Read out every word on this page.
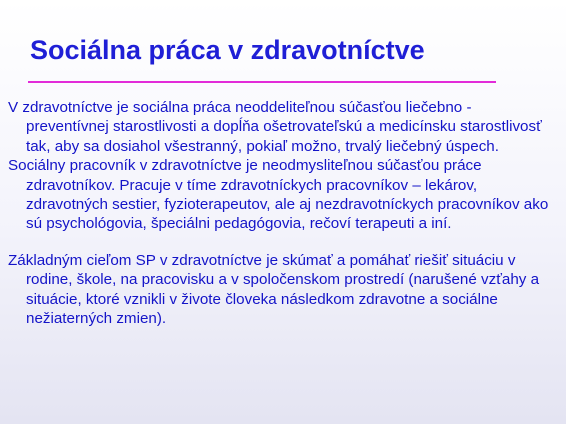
Sociálna práca v zdravotníctve

V zdravotníctve je sociálna práca neoddeliteľnou súčasťou liečebno - preventívnej starostlivosti a dopĺňa ošetrovateľskú a medicínsku starostlivosť tak, aby sa dosiahol všestranný, pokiaľ možno, trvalý liečebný úspech.

Sociálny pracovník v zdravotníctve je neodmysliteľnou súčasťou práce zdravotníkov. Pracuje v tíme zdravotníckych pracovníkov – lekárov, zdravotných sestier, fyzioterapeutov, ale aj nezdravotníckych pracovníkov ako sú psychológovia, špeciálni pedagógovia, rečoví terapeuti a iní.

Základným cieľom SP v zdravotníctve je skúmať a pomáhať riešiť situáciu v rodine, škole, na pracovisku a v spoločenskom prostredí (narušené vzťahy a situácie, ktoré vznikli v živote človeka následkom zdravotne a sociálne nežiaterných zmien).
